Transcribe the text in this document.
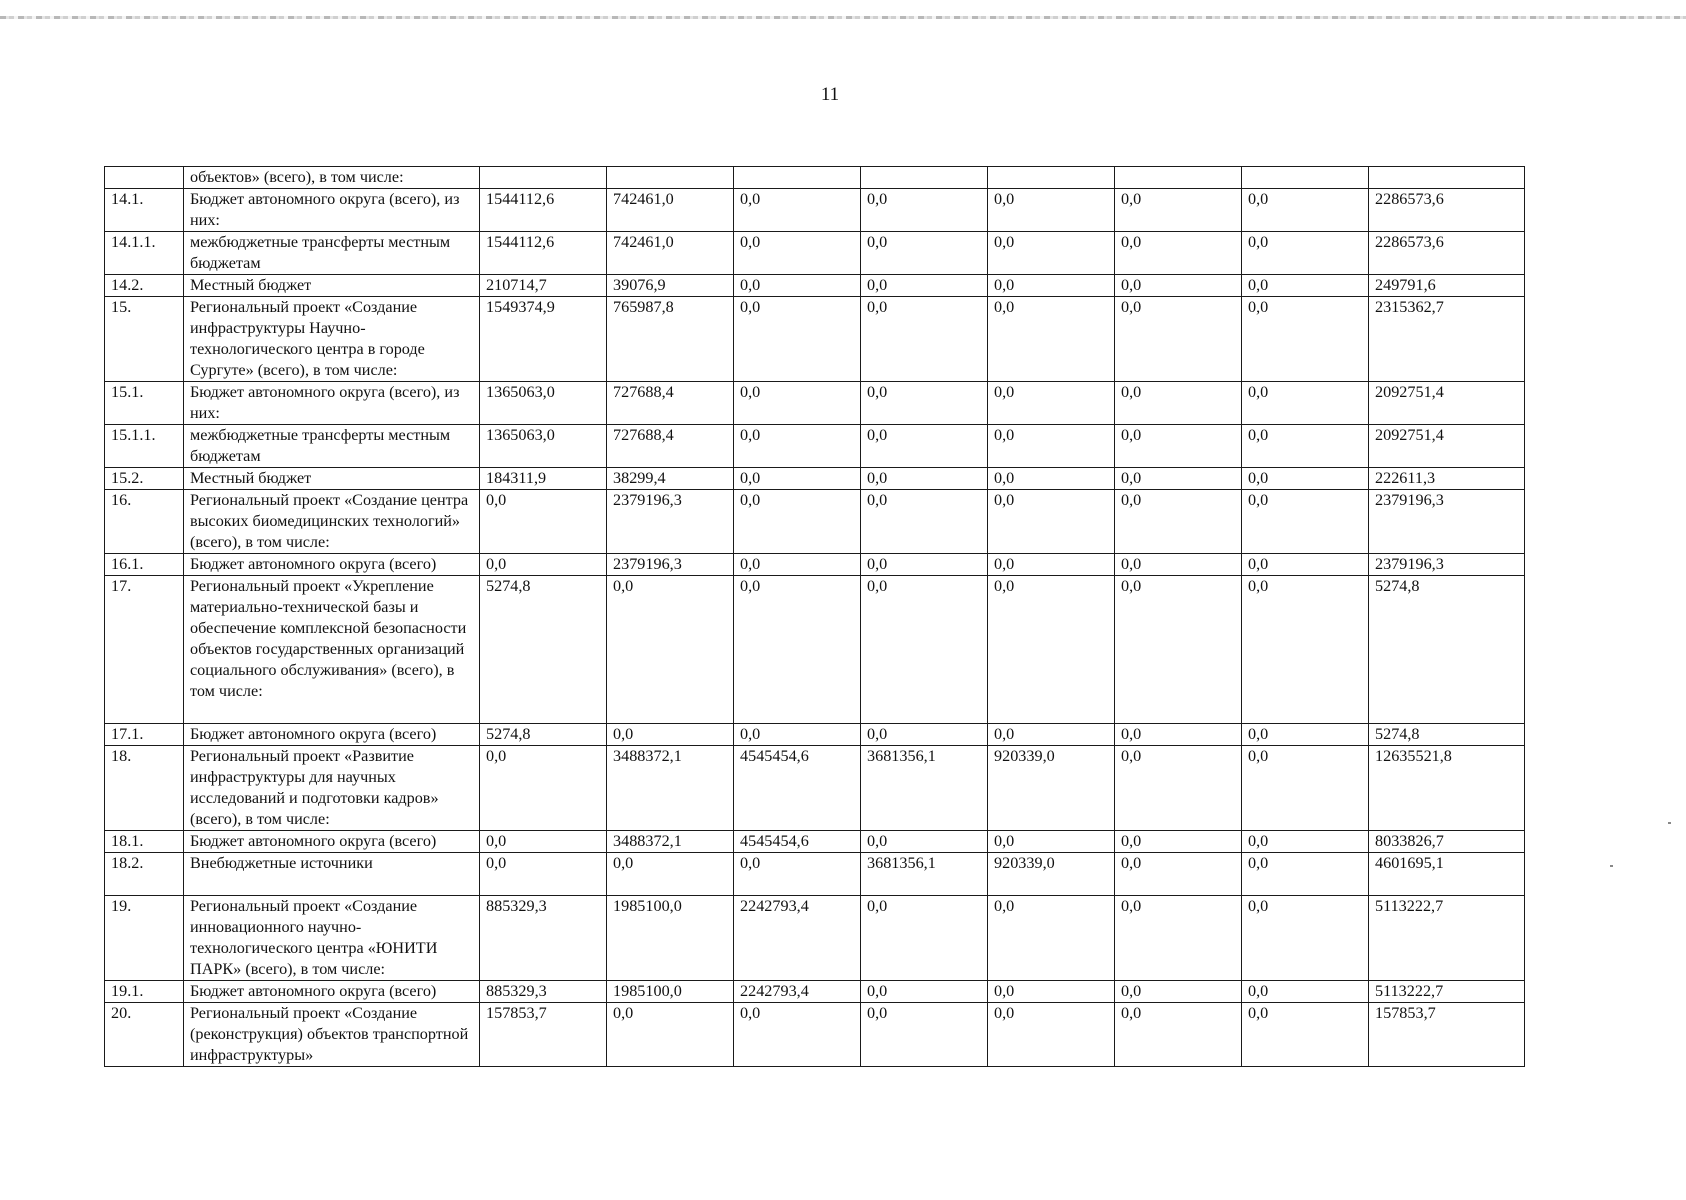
11
	объектов» (всего), в том числе:								
14.1.	Бюджет автономного округа (всего), из них:	1544112,6	742461,0	0,0	0,0	0,0	0,0	0,0	2286573,6
14.1.1.	межбюджетные трансферты местным бюджетам	1544112,6	742461,0	0,0	0,0	0,0	0,0	0,0	2286573,6
14.2.	Местный бюджет	210714,7	39076,9	0,0	0,0	0,0	0,0	0,0	249791,6
15.	Региональный проект «Создание инфраструктуры Научно-технологического центра в городе Сургуте» (всего), в том числе:	1549374,9	765987,8	0,0	0,0	0,0	0,0	0,0	2315362,7
15.1.	Бюджет автономного округа (всего), из них:	1365063,0	727688,4	0,0	0,0	0,0	0,0	0,0	2092751,4
15.1.1.	межбюджетные трансферты местным бюджетам	1365063,0	727688,4	0,0	0,0	0,0	0,0	0,0	2092751,4
15.2.	Местный бюджет	184311,9	38299,4	0,0	0,0	0,0	0,0	0,0	222611,3
16.	Региональный проект «Создание центра высоких биомедицинских технологий» (всего), в том числе:	0,0	2379196,3	0,0	0,0	0,0	0,0	0,0	2379196,3
16.1.	Бюджет автономного округа (всего)	0,0	2379196,3	0,0	0,0	0,0	0,0	0,0	2379196,3
17.	Региональный проект «Укрепление материально-технической базы и обеспечение комплексной безопасности объектов государственных организаций социального обслуживания» (всего), в том числе:	5274,8	0,0	0,0	0,0	0,0	0,0	0,0	5274,8
17.1.	Бюджет автономного округа (всего)	5274,8	0,0	0,0	0,0	0,0	0,0	0,0	5274,8
18.	Региональный проект «Развитие инфраструктуры для научных исследований и подготовки кадров» (всего), в том числе:	0,0	3488372,1	4545454,6	3681356,1	920339,0	0,0	0,0	12635521,8
18.1.	Бюджет автономного округа (всего)	0,0	3488372,1	4545454,6	0,0	0,0	0,0	0,0	8033826,7
18.2.	Внебюджетные источники	0,0	0,0	0,0	3681356,1	920339,0	0,0	0,0	4601695,1
19.	Региональный проект «Создание инновационного научно-технологического центра «ЮНИТИ ПАРК» (всего), в том числе:	885329,3	1985100,0	2242793,4	0,0	0,0	0,0	0,0	5113222,7
19.1.	Бюджет автономного округа (всего)	885329,3	1985100,0	2242793,4	0,0	0,0	0,0	0,0	5113222,7
20.	Региональный проект «Создание (реконструкция) объектов транспортной инфраструктуры»	157853,7	0,0	0,0	0,0	0,0	0,0	0,0	157853,7
